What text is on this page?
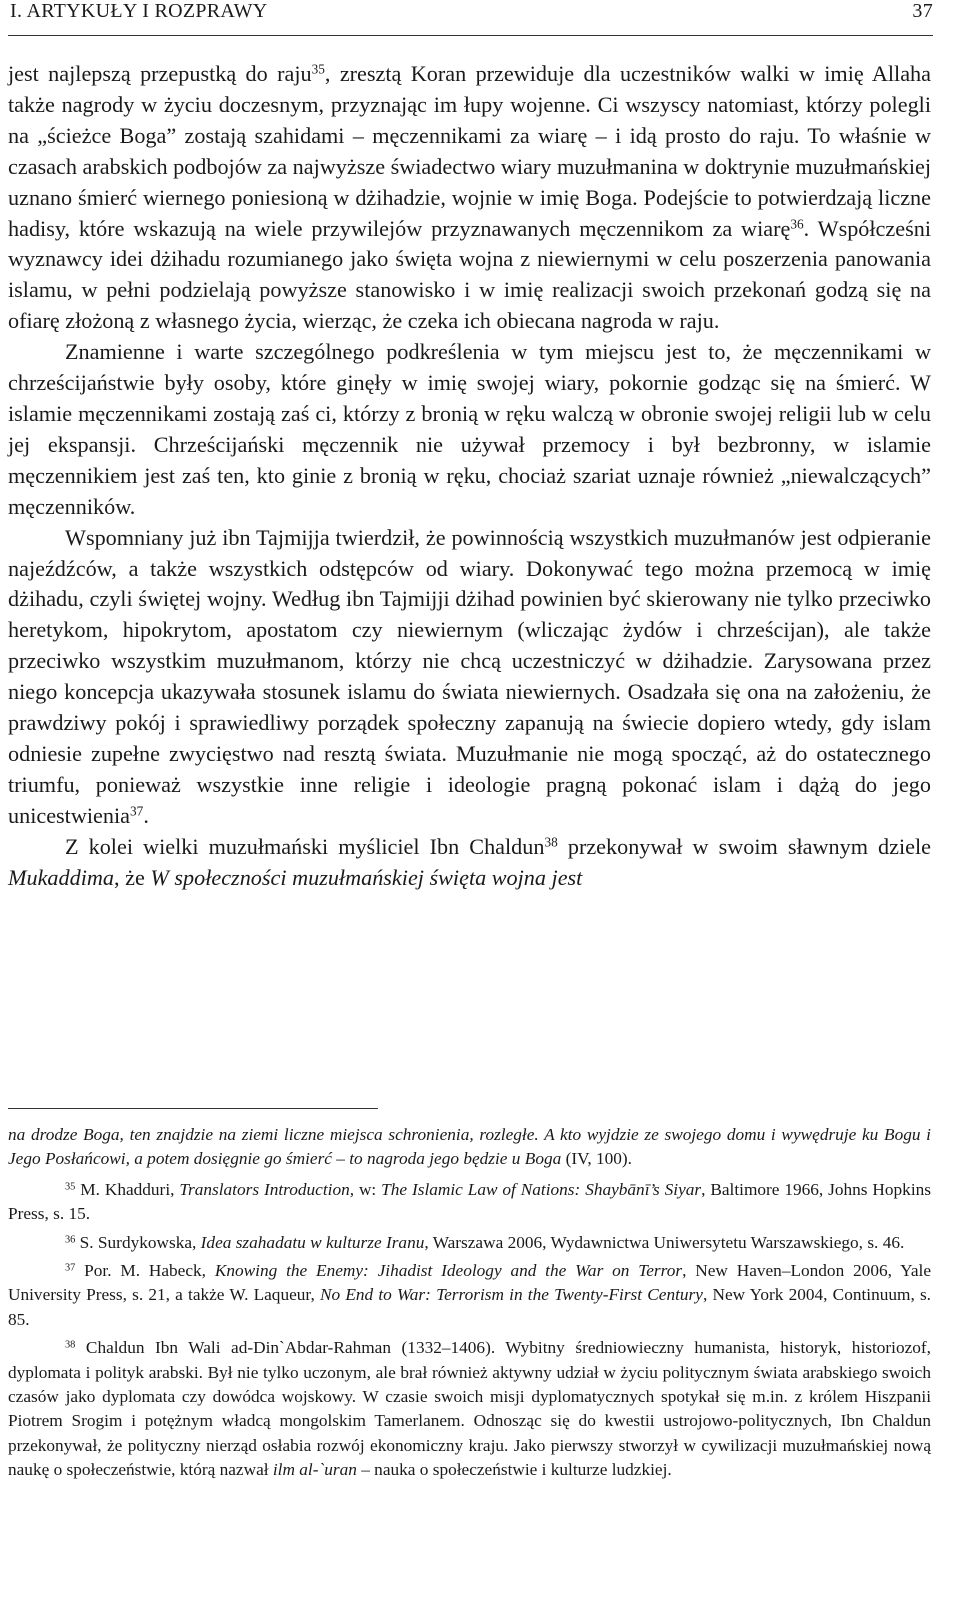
I. ARTYKUŁY I ROZPRAWY	37

jest najlepszą przepustką do raju$^{35}$, zresztą Koran przewiduje dla uczestników walki w imię Allaha także nagrody w życiu doczesnym, przyznając im łupy wojenne. Ci wszyscy natomiast, którzy polegli na „ścieżce Boga” zostają szahidami – męczennikami za wiarę – i idą prosto do raju. To właśnie w czasach arabskich podbojów za najwyższe świadectwo wiary muzułmanina w doktrynie muzułmańskiej uznano śmierć wiernego poniesioną w dżihadzie, wojnie w imię Boga. Podejście to potwierdzają liczne hadisy, które wskazują na wiele przywilejów przyznawanych męczennikom za wiarę$^{36}$. Współcześni wyznawcy idei dżihadu rozumianego jako święta wojna z niewiernymi w celu poszerzenia panowania islamu, w pełni podzielają powyższe stanowisko i w imię realizacji swoich przekonań godzą się na ofiarę złożoną z własnego życia, wierząc, że czeka ich obiecana nagroda w raju.

Znamienne i warte szczególnego podkreślenia w tym miejscu jest to, że męczennikami w chrześcijaństwie były osoby, które ginęły w imię swojej wiary, pokornie godząc się na śmierć. W islamie męczennikami zostają zaś ci, którzy z bronią w ręku walczą w obronie swojej religii lub w celu jej ekspansji. Chrześcijański męczennik nie używał przemocy i był bezbronny, w islamie męczennikiem jest zaś ten, kto ginie z bronią w ręku, chociaż szariat uznaje również „niewalczących” męczenników.

Wspomniany już ibn Tajmijja twierdził, że powinnością wszystkich muzułmanów jest odpieranie najeźdźców, a także wszystkich odstępców od wiary. Dokonywać tego można przemocą w imię dżihadu, czyli świętej wojny. Według ibn Tajmijji dżihad powinien być skierowany nie tylko przeciwko heretykom, hipokrytom, apostatom czy niewiernym (wliczając żydów i chrześcijan), ale także przeciwko wszystkim muzułmanom, którzy nie chcą uczestniczyć w dżihadzie. Zarysowana przez niego koncepcja ukazywała stosunek islamu do świata niewiernych. Osadzała się ona na założeniu, że prawdziwy pokój i sprawiedliwy porządek społeczny zapanują na świecie dopiero wtedy, gdy islam odniesie zupełne zwycięstwo nad resztą świata. Muzułmanie nie mogą spocząć, aż do ostatecznego triumfu, ponieważ wszystkie inne religie i ideologie pragną pokonać islam i dążą do jego unicestwienia$^{37}$.

Z kolei wielki muzułmański myśliciel Ibn Chaldun$^{38}$ przekonywał w swoim sławnym dziele Mukaddima, że W społeczności muzułmańskiej święta wojna jest

na drodze Boga, ten znajdzie na ziemi liczne miejsca schronienia, rozległe. A kto wyjdzie ze swojego domu i wywędruje ku Bogu i Jego Posłańcowi, a potem dosięgnie go śmierć – to nagroda jego będzie u Boga (IV, 100).

$^{35}$ M. Khadduri, Translators Introduction, w: The Islamic Law of Nations: Shaybānī’s Siyar, Baltimore 1966, Johns Hopkins Press, s. 15.

$^{36}$ S. Surdykowska, Idea szahadatu w kulturze Iranu, Warszawa 2006, Wydawnictwa Uniwersytetu Warszawskiego, s. 46.

$^{37}$ Por. M. Habeck, Knowing the Enemy: Jihadist Ideology and the War on Terror, New Haven–London 2006, Yale University Press, s. 21, a także W. Laqueur, No End to War: Terrorism in the Twenty-First Century, New York 2004, Continuum, s. 85.

$^{38}$ Chaldun Ibn Wali ad-Din`Abdar-Rahman (1332–1406). Wybitny średniowieczny humanista, historyk, historiozof, dyplomata i polityk arabski. Był nie tylko uczonym, ale brał również aktywny udział w życiu politycznym świata arabskiego swoich czasów jako dyplomata czy dowódca wojskowy. W czasie swoich misji dyplomatycznych spotykał się m.in. z królem Hiszpanii Piotrem Srogim i potężnym władcą mongolskim Tamerlanem. Odnosząc się do kwestii ustrojowo-politycznych, Ibn Chaldun przekonywał, że polityczny nierząd osłabia rozwój ekonomiczny kraju. Jako pierwszy stworzył w cywilizacji muzułmańskiej nową naukę o społeczeństwie, którą nazwał ilm al-`uran – nauka o społeczeństwie i kulturze ludzkiej.
